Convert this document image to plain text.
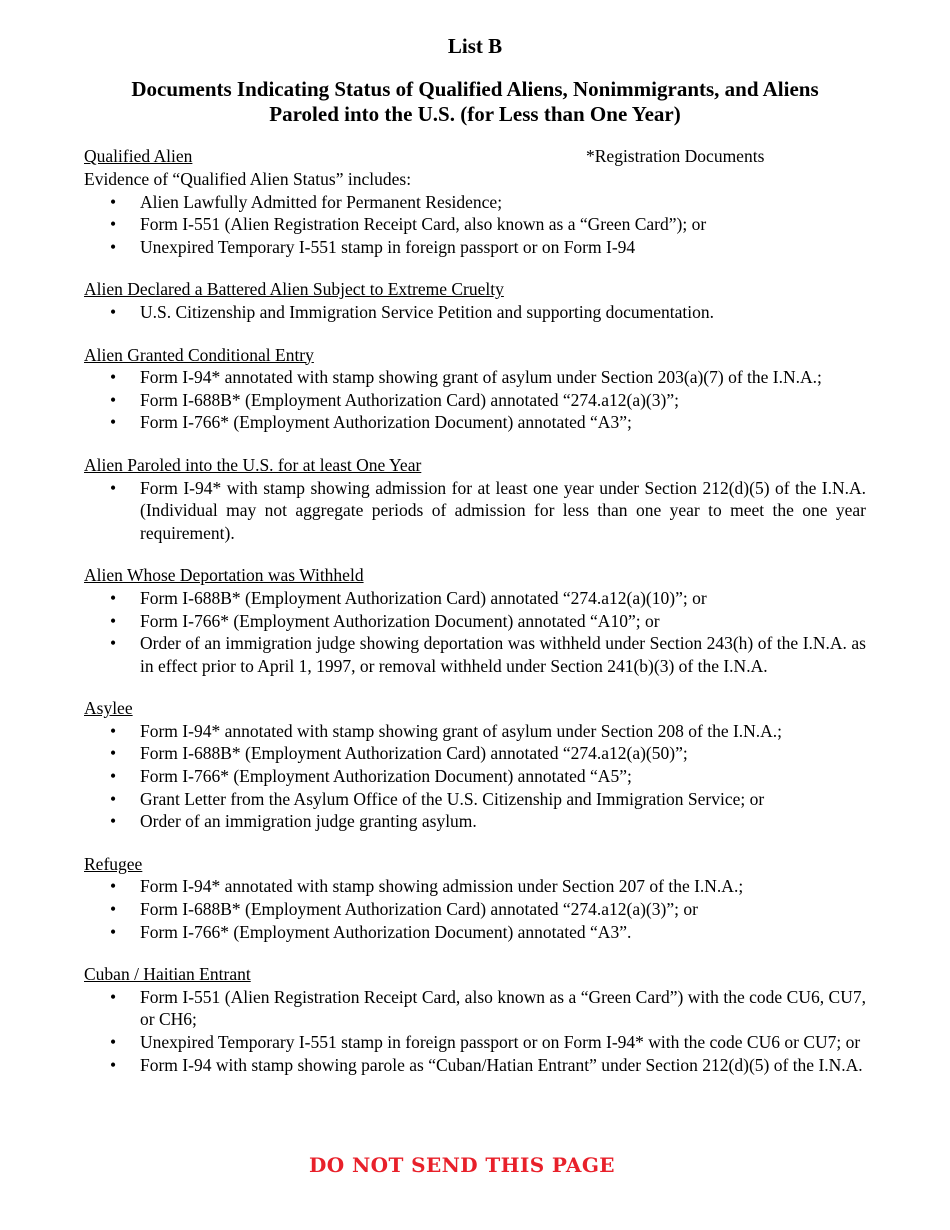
List B
Documents Indicating Status of Qualified Aliens, Nonimmigrants, and Aliens
Paroled into the U.S. (for Less than One Year)
Qualified Alien	*Registration Documents
Evidence of “Qualified Alien Status” includes:
• Alien Lawfully Admitted for Permanent Residence;
• Form I-551 (Alien Registration Receipt Card, also known as a “Green Card”); or
• Unexpired Temporary I-551 stamp in foreign passport or on Form I-94
Alien Declared a Battered Alien Subject to Extreme Cruelty
• U.S. Citizenship and Immigration Service Petition and supporting documentation.
Alien Granted Conditional Entry
• Form I-94* annotated with stamp showing grant of asylum under Section 203(a)(7) of the I.N.A.;
• Form I-688B* (Employment Authorization Card) annotated “274.a12(a)(3)”;
• Form I-766* (Employment Authorization Document) annotated “A3”;
Alien Paroled into the U.S. for at least One Year
• Form I-94* with stamp showing admission for at least one year under Section 212(d)(5) of the I.N.A. (Individual may not aggregate periods of admission for less than one year to meet the one year requirement).
Alien Whose Deportation was Withheld
• Form I-688B* (Employment Authorization Card) annotated “274.a12(a)(10)”; or
• Form I-766* (Employment Authorization Document) annotated “A10”; or
• Order of an immigration judge showing deportation was withheld under Section 243(h) of the I.N.A. as in effect prior to April 1, 1997, or removal withheld under Section 241(b)(3) of the I.N.A.
Asylee
• Form I-94* annotated with stamp showing grant of asylum under Section 208 of the I.N.A.;
• Form I-688B* (Employment Authorization Card) annotated “274.a12(a)(50)”;
• Form I-766* (Employment Authorization Document) annotated “A5”;
• Grant Letter from the Asylum Office of the U.S. Citizenship and Immigration Service; or
• Order of an immigration judge granting asylum.
Refugee
• Form I-94* annotated with stamp showing admission under Section 207 of the I.N.A.;
• Form I-688B* (Employment Authorization Card) annotated “274.a12(a)(3)”; or
• Form I-766* (Employment Authorization Document) annotated “A3”.
Cuban / Haitian Entrant
• Form I-551 (Alien Registration Receipt Card, also known as a “Green Card”) with the code CU6, CU7, or CH6;
• Unexpired Temporary I-551 stamp in foreign passport or on Form I-94* with the code CU6 or CU7; or
• Form I-94 with stamp showing parole as “Cuban/Hatian Entrant” under Section 212(d)(5) of the I.N.A.
DO NOT SEND THIS PAGE
